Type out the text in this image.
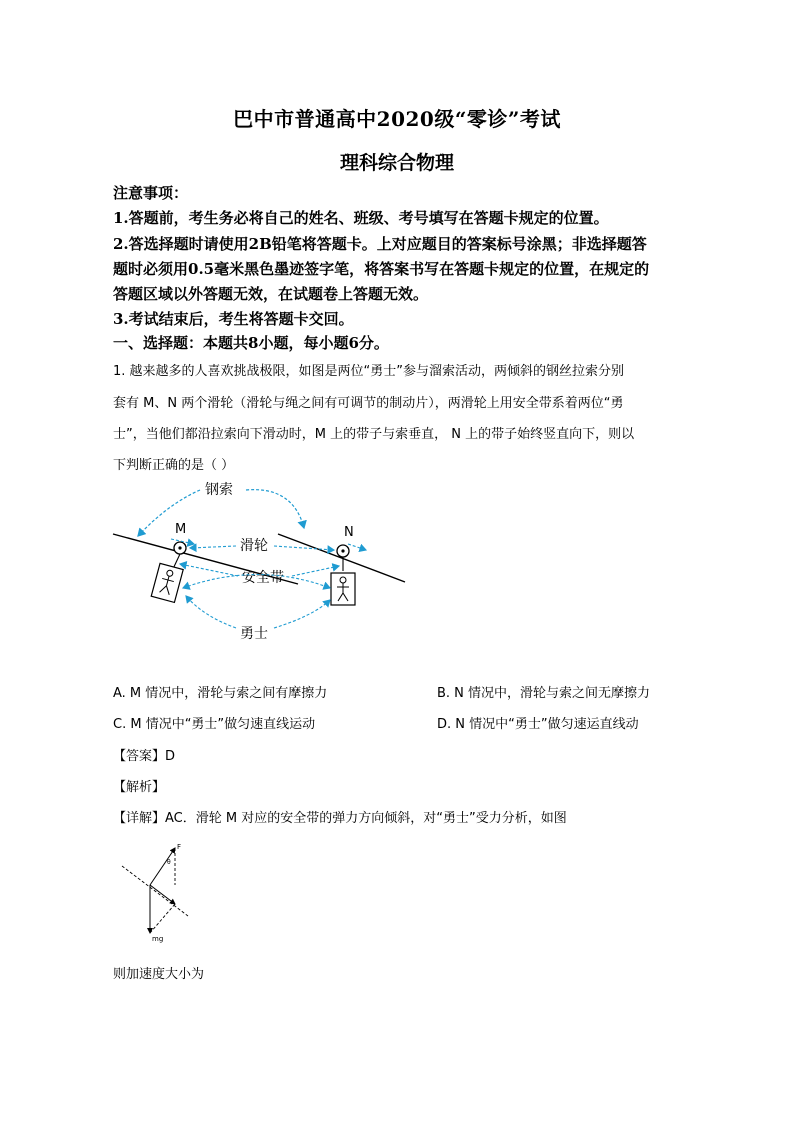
巴中市普通高中2020级“零诊”考试
理科综合物理
注意事项：
1.答题前，考生务必将自己的姓名、班级、考号填写在答题卡规定的位置。
2.答选择题时请使用2B铅笔将答题卡。上对应题目的答案标号涂黑；非选择题答
题时必须用0.5毫米黑色墨迹签字笔，将答案书写在答题卡规定的位置，在规定的
答题区域以外答题无效，在试题卷上答题无效。
3.考试结束后，考生将答题卡交回。
一、选择题：本题共8小题，每小题6分。
1. 越来越多的人喜欢挑战极限，如图是两位“勇士”参与溜索活动，两倾斜的钢丝拉索分别
套有 M、N 两个滑轮（滑轮与绳之间有可调节的制动片），两滑轮上用安全带系着两位“勇
士”，当他们都沿拉索向下滑动时，M 上的带子与索垂直， N 上的带子始终竖直向下，则以
下判断正确的是（ ）
钢索
M	N
滑轮
安全带
勇士
A. M 情况中，滑轮与索之间有摩擦力	B. N 情况中，滑轮与索之间无摩擦力
C. M 情况中“勇士”做匀速直线运动	D. N 情况中“勇士”做匀速运直线动
【答案】D
【解析】
【详解】AC．滑轮 M 对应的安全带的弹力方向倾斜，对“勇士”受力分析，如图
F
θ
mg
则加速度大小为
